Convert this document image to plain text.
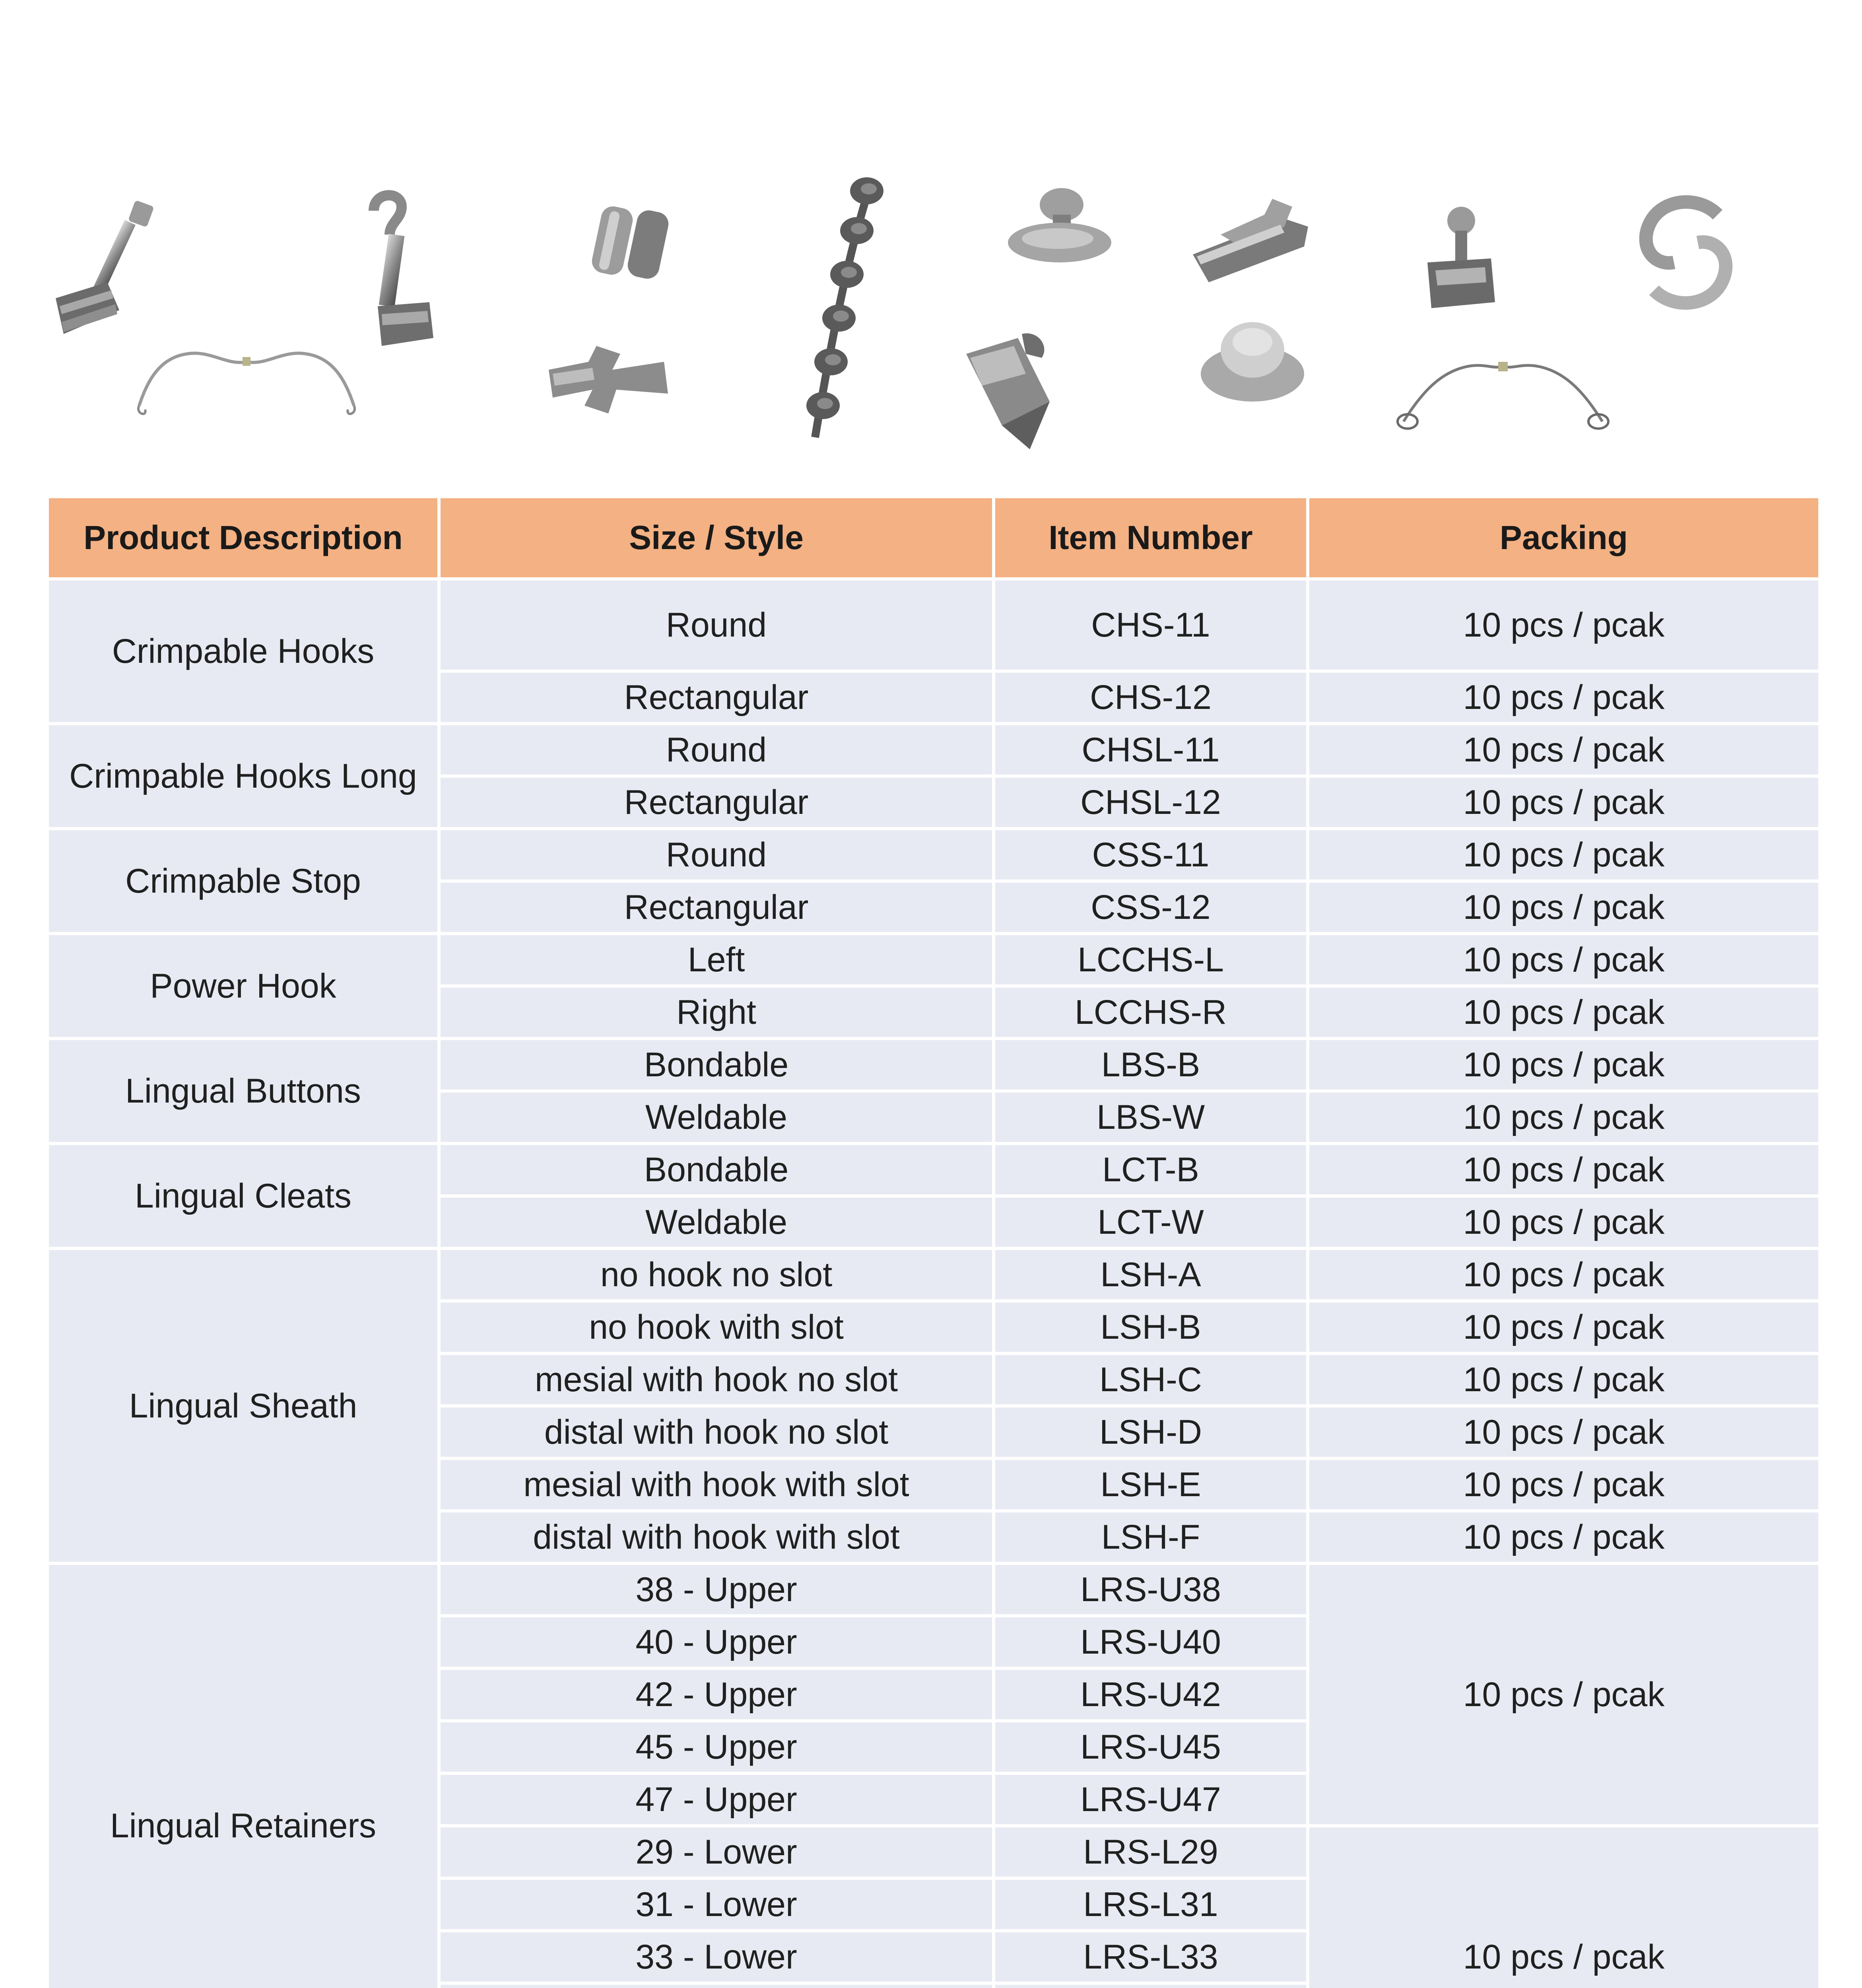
Product Description	Size / Style	Item Number	Packing
Crimpable Hooks	Round	CHS-11	10 pcs / pcak
	Rectangular	CHS-12	10 pcs / pcak
Crimpable Hooks Long	Round	CHSL-11	10 pcs / pcak
	Rectangular	CHSL-12	10 pcs / pcak
Crimpable Stop	Round	CSS-11	10 pcs / pcak
	Rectangular	CSS-12	10 pcs / pcak
Power Hook	Left	LCCHS-L	10 pcs / pcak
	Right	LCCHS-R	10 pcs / pcak
Lingual Buttons	Bondable	LBS-B	10 pcs / pcak
	Weldable	LBS-W	10 pcs / pcak
Lingual Cleats	Bondable	LCT-B	10 pcs / pcak
	Weldable	LCT-W	10 pcs / pcak
Lingual Sheath	no hook no slot	LSH-A	10 pcs / pcak
	no hook with slot	LSH-B	10 pcs / pcak
	mesial with hook no slot	LSH-C	10 pcs / pcak
	distal with hook no slot	LSH-D	10 pcs / pcak
	mesial with hook with slot	LSH-E	10 pcs / pcak
	distal with hook with slot	LSH-F	10 pcs / pcak
Lingual Retainers	38 - Upper	LRS-U38	10 pcs / pcak
	40 - Upper	LRS-U40	
	42 - Upper	LRS-U42	
	45 - Upper	LRS-U45	
	47 - Upper	LRS-U47	
	29 - Lower	LRS-L29	10 pcs / pcak
	31 - Lower	LRS-L31	
	33 - Lower	LRS-L33	
